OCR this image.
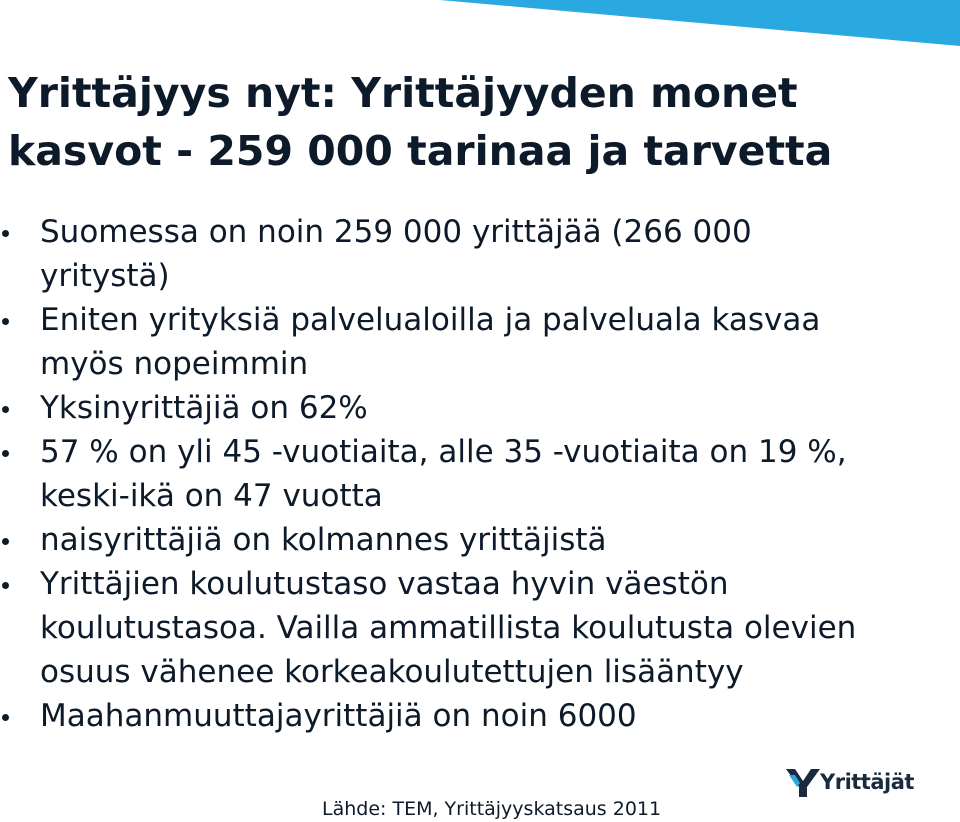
Yrittäjyys nyt: Yrittäjyyden monet
kasvot - 259 000 tarinaa ja tarvetta
Suomessa on noin 259 000 yrittäjää (266 000
yritystä)
Eniten yrityksiä palvelualoilla ja palveluala kasvaa
myös nopeimmin
Yksinyrittäjiä on 62%
57 % on yli 45 -vuotiaita, alle 35 -vuotiaita on 19 %,
keski-ikä on 47 vuotta
naisyrittäjiä on kolmannes yrittäjistä
Yrittäjien koulutustaso vastaa hyvin väestön
koulutustasoa. Vailla ammatillista koulutusta olevien
osuus vähenee korkeakoulutettujen lisääntyy
Maahanmuuttajayrittäjiä on noin 6000
Yrittäjät
Lähde: TEM, Yrittäjyyskatsaus 2011
